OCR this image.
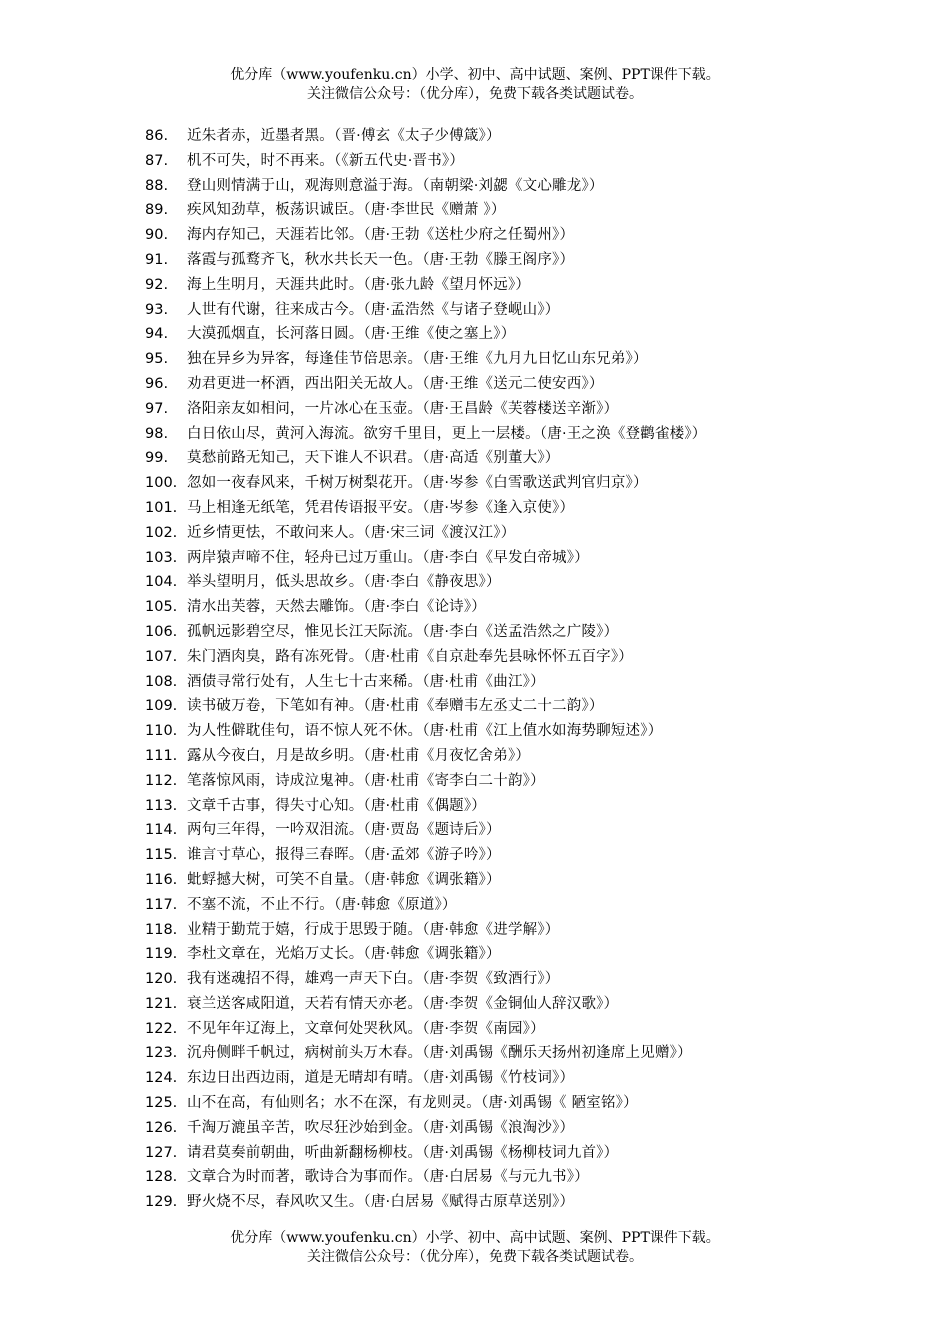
优分库（www.youfenku.cn）小学、初中、高中试题、案例、PPT课件下载。
关注微信公众号：（优分库），免费下载各类试题试卷。
86. 近朱者赤，近墨者黑。（晋·傅玄《太子少傅箴》）
87. 机不可失，时不再来。（《新五代史·晋书》）
88. 登山则情满于山，观海则意溢于海。（南朝梁·刘勰《文心雕龙》）
89. 疾风知劲草，板荡识诚臣。（唐·李世民《赠萧 》）
90. 海内存知己，天涯若比邻。（唐·王勃《送杜少府之任蜀州》）
91. 落霞与孤鹜齐飞，秋水共长天一色。（唐·王勃《滕王阁序》）
92. 海上生明月，天涯共此时。（唐·张九龄《望月怀远》）
93. 人世有代谢，往来成古今。（唐·孟浩然《与诸子登岘山》）
94. 大漠孤烟直，长河落日圆。（唐·王维《使之塞上》）
95. 独在异乡为异客，每逢佳节倍思亲。（唐·王维《九月九日忆山东兄弟》）
96. 劝君更进一杯酒，西出阳关无故人。（唐·王维《送元二使安西》）
97. 洛阳亲友如相问，一片冰心在玉壶。（唐·王昌龄《芙蓉楼送辛渐》）
98. 白日依山尽，黄河入海流。欲穷千里目，更上一层楼。（唐·王之涣《登鹳雀楼》）
99. 莫愁前路无知己，天下谁人不识君。（唐·高适《别董大》）
100. 忽如一夜春风来，千树万树梨花开。（唐·岑参《白雪歌送武判官归京》）
101. 马上相逢无纸笔，凭君传语报平安。（唐·岑参《逢入京使》）
102. 近乡情更怯，不敢问来人。（唐·宋三词《渡汉江》）
103. 两岸猿声啼不住，轻舟已过万重山。（唐·李白《早发白帝城》）
104. 举头望明月，低头思故乡。（唐·李白《静夜思》）
105. 清水出芙蓉，天然去雕饰。（唐·李白《论诗》）
106. 孤帆远影碧空尽，惟见长江天际流。（唐·李白《送孟浩然之广陵》）
107. 朱门酒肉臭，路有冻死骨。（唐·杜甫《自京赴奉先县咏怀怀五百字》）
108. 酒债寻常行处有，人生七十古来稀。（唐·杜甫《曲江》）
109. 读书破万卷，下笔如有神。（唐·杜甫《奉赠韦左丞丈二十二韵》）
110. 为人性僻耽佳句，语不惊人死不休。（唐·杜甫《江上值水如海势聊短述》）
111. 露从今夜白，月是故乡明。（唐·杜甫《月夜忆舍弟》）
112. 笔落惊风雨，诗成泣鬼神。（唐·杜甫《寄李白二十韵》）
113. 文章千古事，得失寸心知。（唐·杜甫《偶题》）
114. 两句三年得，一吟双泪流。（唐·贾岛《题诗后》）
115. 谁言寸草心，报得三春晖。（唐·孟郊《游子吟》）
116. 蚍蜉撼大树，可笑不自量。（唐·韩愈《调张籍》）
117. 不塞不流，不止不行。（唐·韩愈《原道》）
118. 业精于勤荒于嬉，行成于思毁于随。（唐·韩愈《进学解》）
119. 李杜文章在，光焰万丈长。（唐·韩愈《调张籍》）
120. 我有迷魂招不得，雄鸡一声天下白。（唐·李贺《致酒行》）
121. 衰兰送客咸阳道，天若有情天亦老。（唐·李贺《金铜仙人辞汉歌》）
122. 不见年年辽海上，文章何处哭秋风。（唐·李贺《南园》）
123. 沉舟侧畔千帆过，病树前头万木春。（唐·刘禹锡《酬乐天扬州初逢席上见赠》）
124. 东边日出西边雨，道是无晴却有晴。（唐·刘禹锡《竹枝词》）
125. 山不在高，有仙则名；水不在深，有龙则灵。（唐·刘禹锡《 陋室铭》）
126. 千淘万漉虽辛苦，吹尽狂沙始到金。（唐·刘禹锡《浪淘沙》）
127. 请君莫奏前朝曲，听曲新翻杨柳枝。（唐·刘禹锡《杨柳枝词九首》）
128. 文章合为时而著，歌诗合为事而作。（唐·白居易《与元九书》）
129. 野火烧不尽，春风吹又生。（唐·白居易《赋得古原草送别》）
优分库（www.youfenku.cn）小学、初中、高中试题、案例、PPT课件下载。
关注微信公众号：（优分库），免费下载各类试题试卷。
